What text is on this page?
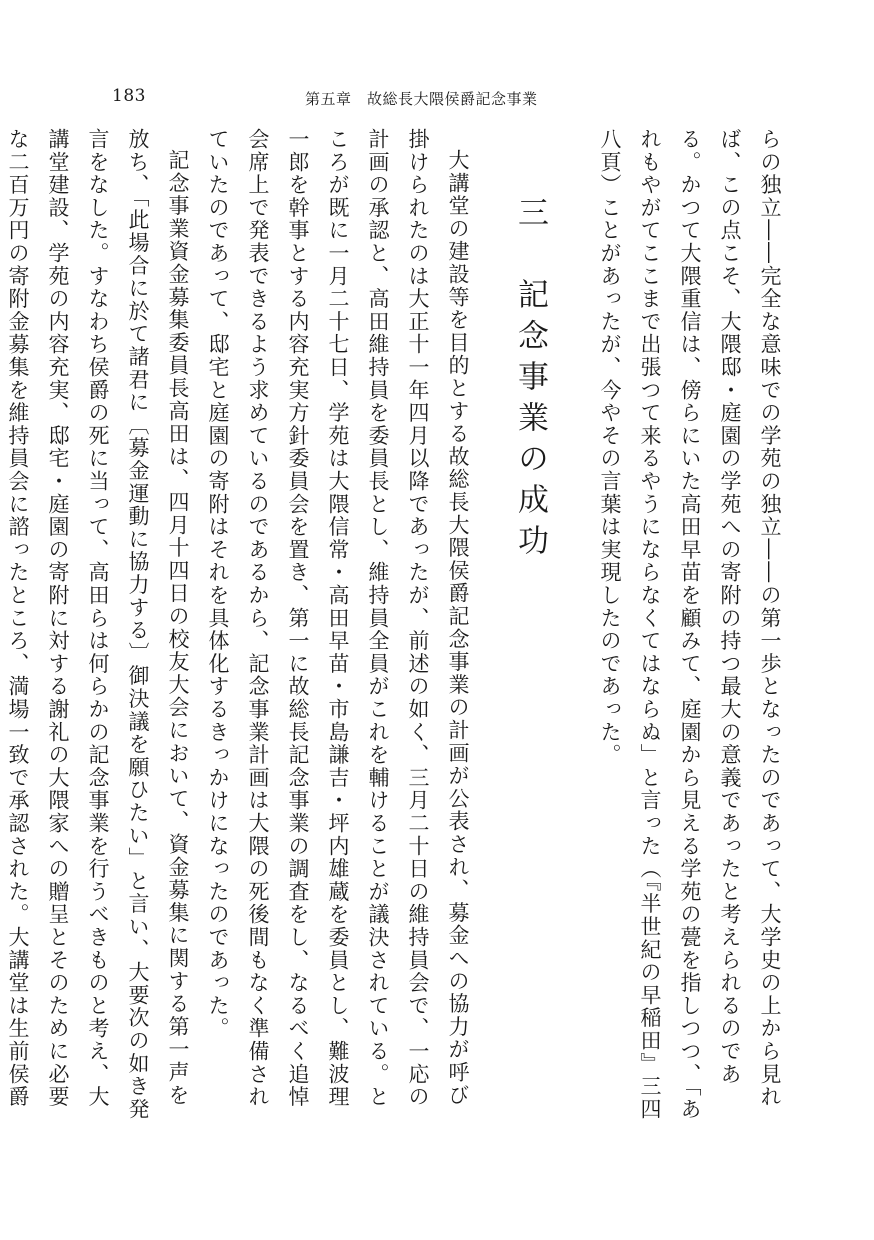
183	第五章　故総長大隈侯爵記念事業

らの独立――完全な意味での学苑の独立――の第一歩となったのであって、大学史の上から見れば、この点こそ、大隈邸・庭園の学苑への寄附の持つ最大の意義であったと考えられるのである。かつて大隈重信は、傍らにいた高田早苗を顧みて、庭園から見える学苑の甍を指しつつ、「あれもやがてここまで出張つて来るやうにならなくてはならぬ」と言った（『半世紀の早稲田』三四八頁）ことがあったが、今やその言葉は実現したのであった。

三　記念事業の成功

大講堂の建設等を目的とする故総長大隈侯爵記念事業の計画が公表され、募金への協力が呼び掛けられたのは大正十一年四月以降であったが、前述の如く、三月二十日の維持員会で、一応の計画の承認と、高田維持員を委員長とし、維持員全員がこれを輔けることが議決されている。ところが既に一月二十七日、学苑は大隈信常・高田早苗・市島謙吉・坪内雄蔵を委員とし、難波理一郎を幹事とする内容充実方針委員会を置き、第一に故総長記念事業の調査をし、なるべく追悼会席上で発表できるよう求めているのであるから、記念事業計画は大隈の死後間もなく準備されていたのであって、邸宅と庭園の寄附はそれを具体化するきっかけになったのであった。

記念事業資金募集委員長高田は、四月十四日の校友大会において、資金募集に関する第一声を放ち、「此場合に於て諸君に〔募金運動に協力する〕御決議を願ひたい」と言い、大要次の如き発言をなした。すなわち侯爵の死に当って、高田らは何らかの記念事業を行うべきものと考え、大講堂建設、学苑の内容充実、邸宅・庭園の寄附に対する謝礼の大隈家への贈呈とそのために必要な二百万円の寄附金募集を維持員会に諮ったところ、満場一致で承認された。大講堂は生前侯爵
